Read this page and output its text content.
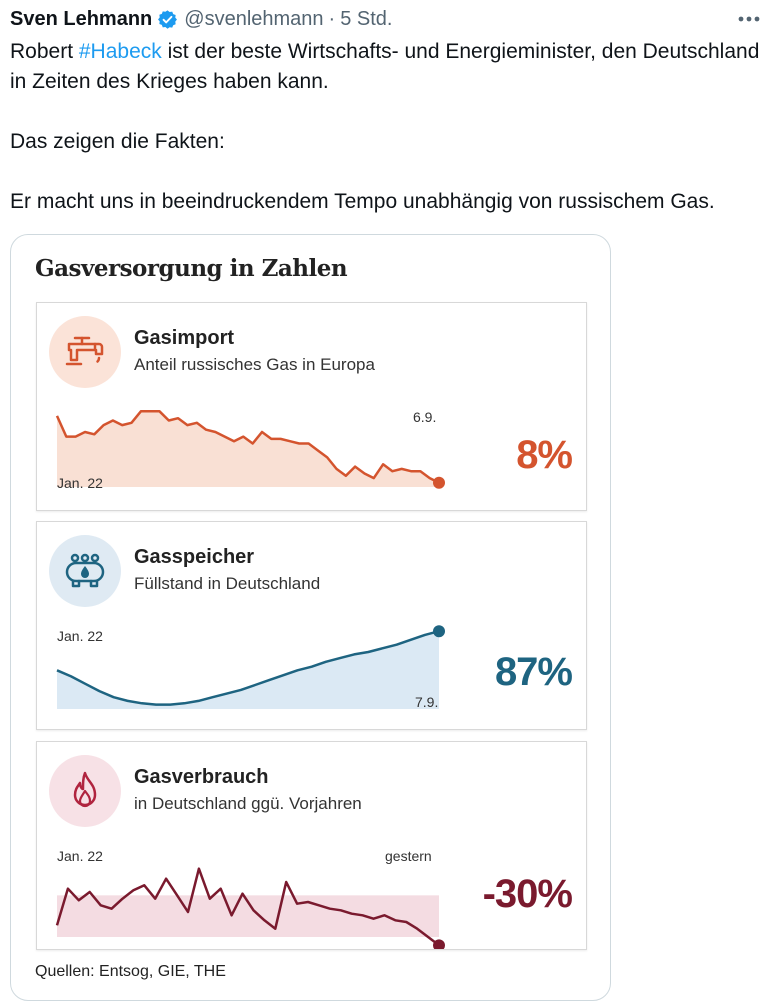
Sven Lehmann @svenlehmann · 5 Std.

Robert #Habeck ist der beste Wirtschafts- und Energieminister, den Deutschland in Zeiten des Krieges haben kann.

Das zeigen die Fakten:

Er macht uns in beeindruckendem Tempo unabhängig von russischem Gas.

Gasversorgung in Zahlen
Gasimport
Anteil russisches Gas in Europa
Jan. 22
6.9.
8%
Gasspeicher
Füllstand in Deutschland
Jan. 22
7.9.
87%
Gasverbrauch
in Deutschland ggü. Vorjahren
Jan. 22	gestern
-30%
Quellen: Entsog, GIE, THE
